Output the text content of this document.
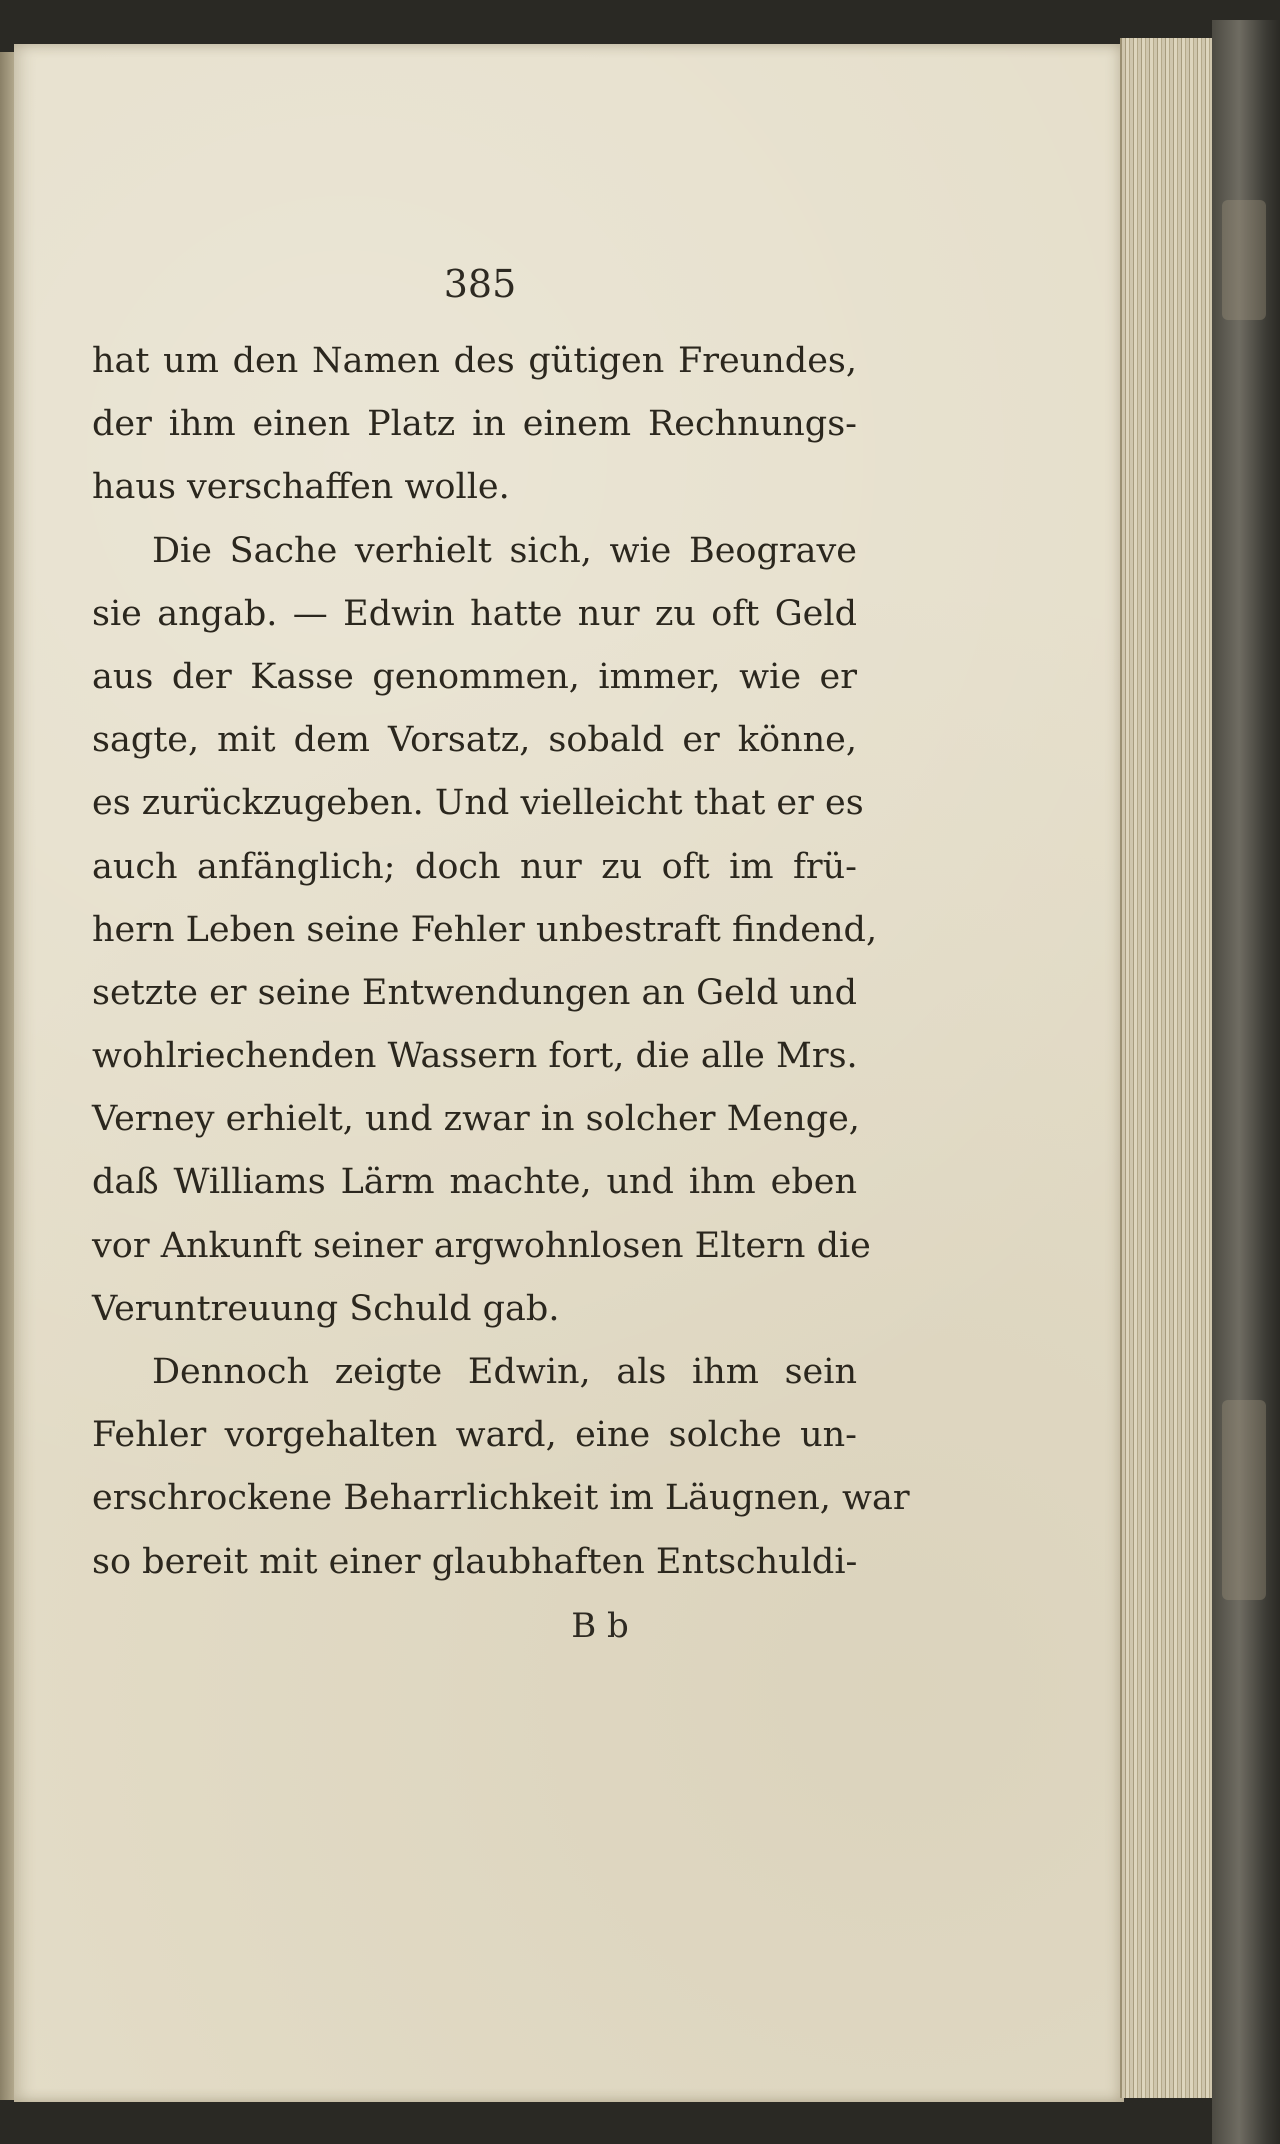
385
hat um den Namen des gütigen Freundes,
der ihm einen Platz in einem Rechnungs-
haus verschaffen wolle.
Die Sache verhielt sich, wie Beograve
sie angab. — Edwin hatte nur zu oft Geld
aus der Kasse genommen, immer, wie er
sagte, mit dem Vorsatz, sobald er könne,
es zurückzugeben. Und vielleicht that er es
auch anfänglich; doch nur zu oft im frü-
hern Leben seine Fehler unbestraft findend,
setzte er seine Entwendungen an Geld und
wohlriechenden Wassern fort, die alle Mrs.
Verney erhielt, und zwar in solcher Menge,
daß Williams Lärm machte, und ihm eben
vor Ankunft seiner argwohnlosen Eltern die
Veruntreuung Schuld gab.
Dennoch zeigte Edwin, als ihm sein
Fehler vorgehalten ward, eine solche un-
erschrockene Beharrlichkeit im Läugnen, war
so bereit mit einer glaubhaften Entschuldi-
B b
